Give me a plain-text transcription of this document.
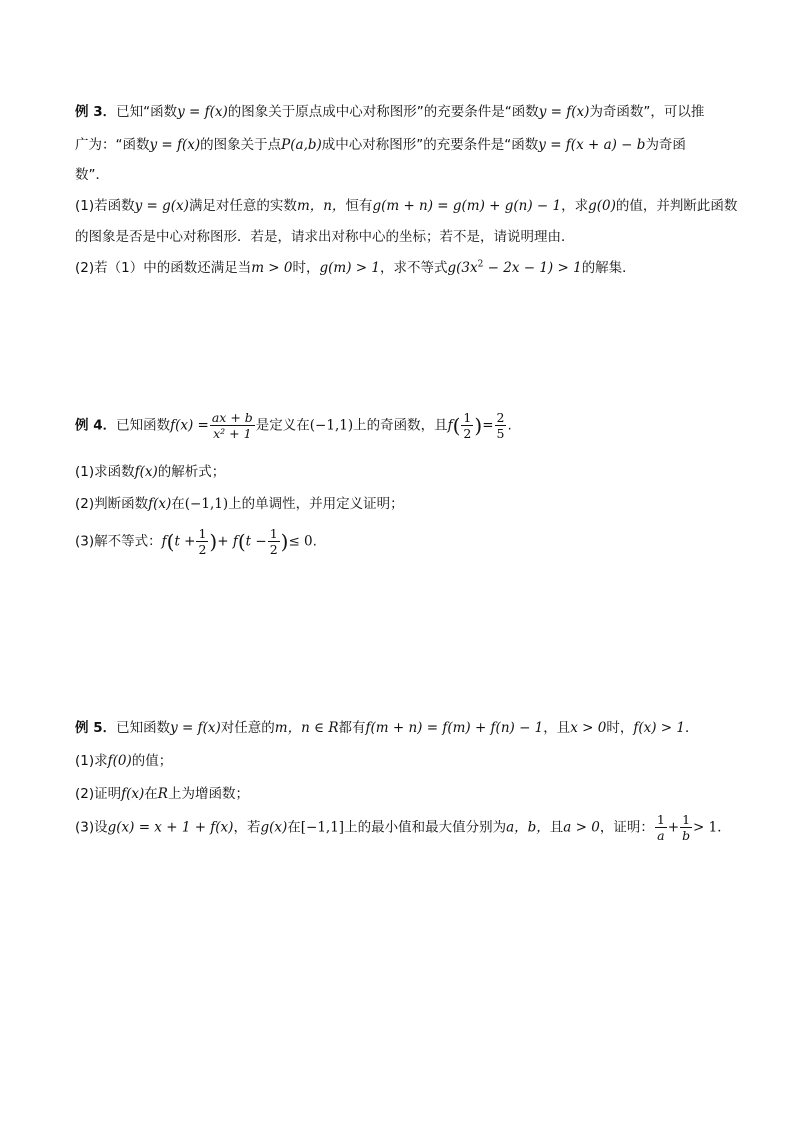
例 3．已知“函数y = f(x)的图象关于原点成中心对称图形”的充要条件是“函数y = f(x)为奇函数”，可以推
广为：“函数y = f(x)的图象关于点P(a,b)成中心对称图形”的充要条件是“函数y = f(x + a) − b为奇函
数”．
(1)若函数y = g(x)满足对任意的实数m，n，恒有g(m + n) = g(m) + g(n) − 1，求g(0)的值，并判断此函数
的图象是否是中心对称图形．若是，请求出对称中心的坐标；若不是，请说明理由．
(2)若（1）中的函数还满足当m > 0时，g(m) > 1，求不等式$g(3x^2 - 2x - 1) > 1$的解集．
例 4．已知函数$f(x) = \frac{ax + b}{\text{x² + 1}}$ 是定义在(−1,1)上的奇函数，且$f( \frac{1}{2}$ )= $\frac{2}{5}$ .
(1)求函数f(x)的解析式；
(2)判断函数f(x)在(−1,1)上的单调性，并用定义证明；
(3)解不等式：$f(t + \frac{1}{2}$ )+ $f(t - \frac{1}{2}$ )≤ 0.
例 5．已知函数y = f(x)对任意的m，n ∈ R都有f(m + n) = f(m) + f(n) − 1，且x > 0时，f(x) > 1．
(1)求f(0)的值；
(2)证明f(x)在R上为增函数；
(3)设g(x) = x + 1 + f(x)，若g(x)在[−1,1]上的最小值和最大值分别为a，b，且a > 0，证明： $\frac{1}{a} + \frac{1}{b} > 1$．
